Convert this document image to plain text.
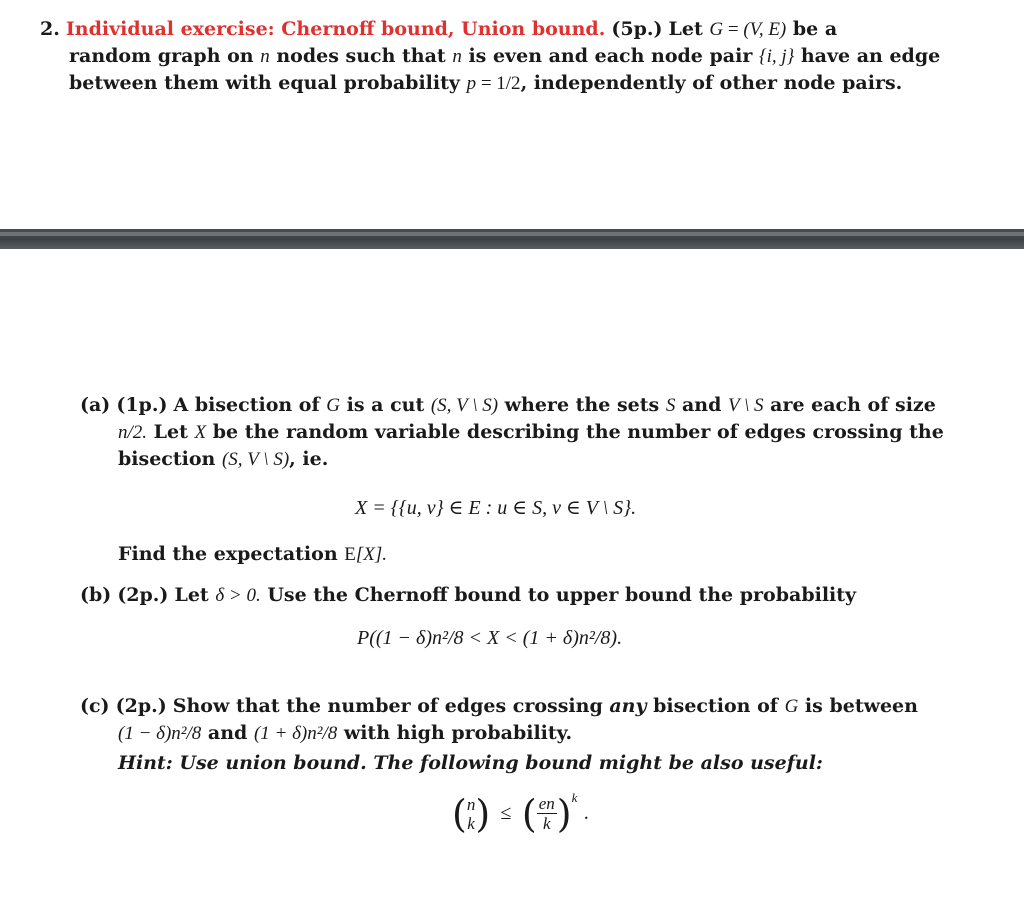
2. Individual exercise: Chernoff bound, Union bound. (5p.) Let G = (V, E) be a
random graph on n nodes such that n is even and each node pair {i, j} have an edge
between them with equal probability p = 1/2, independently of other node pairs.
(a) (1p.) A bisection of G is a cut (S, V \ S) where the sets S and V \ S are each of size
n/2. Let X be the random variable describing the number of edges crossing the
bisection (S, V \ S), ie.
X = {{u, v} ∈ E : u ∈ S, v ∈ V \ S}.
Find the expectation E[X].
(b) (2p.) Let δ > 0. Use the Chernoff bound to upper bound the probability
P((1 − δ)n²/8 < X < (1 + δ)n²/8).
(c) (2p.) Show that the number of edges crossing any bisection of G is between
(1 − δ)n²/8 and (1 + δ)n²/8 with high probability.
Hint: Use union bound. The following bound might be also useful:
( n
k ) ≤ ( $\frac{en}{k}$ ) k
.
